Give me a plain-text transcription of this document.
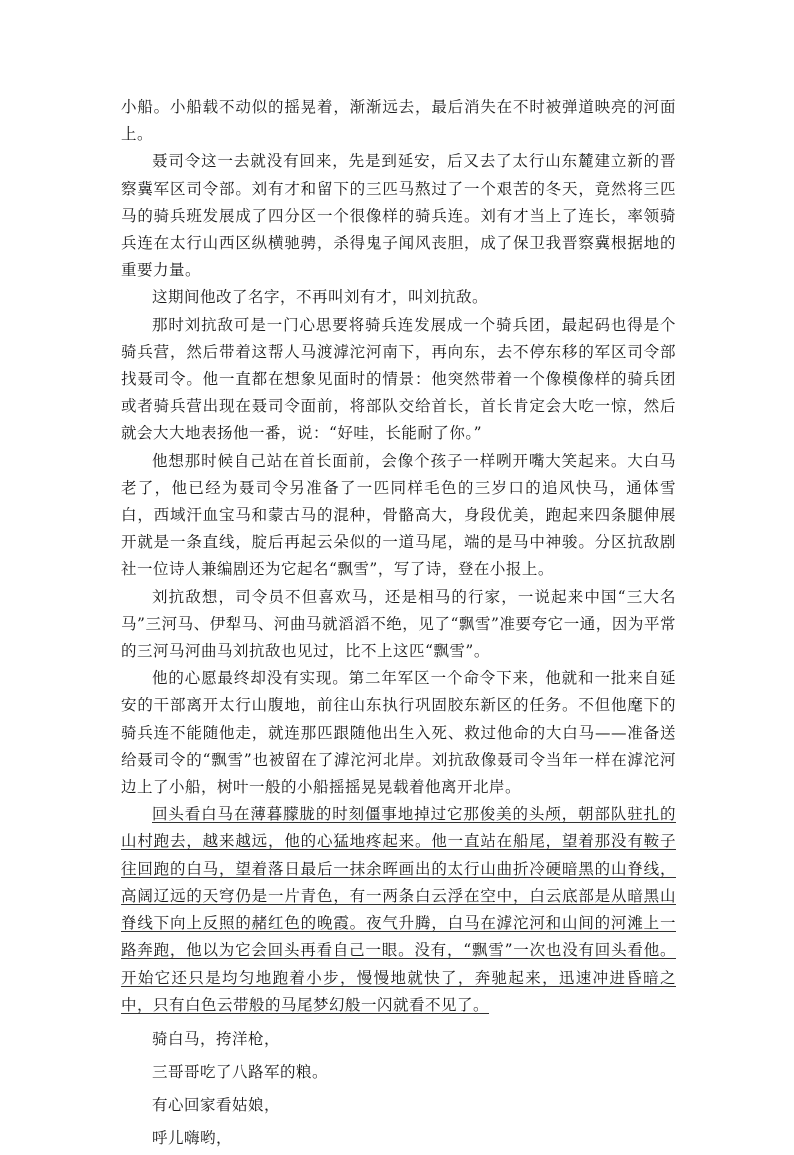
小船。小船载不动似的摇晃着，渐渐远去，最后消失在不时被弹道映亮的河面上。

聂司令这一去就没有回来，先是到延安，后又去了太行山东麓建立新的晋察冀军区司令部。刘有才和留下的三匹马熬过了一个艰苦的冬天，竟然将三匹马的骑兵班发展成了四分区一个很像样的骑兵连。刘有才当上了连长，率领骑兵连在太行山西区纵横驰骋，杀得鬼子闻风丧胆，成了保卫我晋察冀根据地的重要力量。

这期间他改了名字，不再叫刘有才，叫刘抗敌。

那时刘抗敌可是一门心思要将骑兵连发展成一个骑兵团，最起码也得是个骑兵营，然后带着这帮人马渡滹沱河南下，再向东，去不停东移的军区司令部找聂司令。他一直都在想象见面时的情景：他突然带着一个像模像样的骑兵团或者骑兵营出现在聂司令面前，将部队交给首长，首长肯定会大吃一惊，然后就会大大地表扬他一番，说：“好哇，长能耐了你。”

他想那时候自己站在首长面前，会像个孩子一样咧开嘴大笑起来。大白马老了，他已经为聂司令另准备了一匹同样毛色的三岁口的追风快马，通体雪白，西域汗血宝马和蒙古马的混种，骨骼高大，身段优美，跑起来四条腿伸展开就是一条直线，腚后再起云朵似的一道马尾，端的是马中神骏。分区抗敌剧社一位诗人兼编剧还为它起名“飘雪”，写了诗，登在小报上。

刘抗敌想，司令员不但喜欢马，还是相马的行家，一说起来中国“三大名马”三河马、伊犁马、河曲马就滔滔不绝，见了“飘雪”准要夸它一通，因为平常的三河马河曲马刘抗敌也见过，比不上这匹“飘雪”。

他的心愿最终却没有实现。第二年军区一个命令下来，他就和一批来自延安的干部离开太行山腹地，前往山东执行巩固胶东新区的任务。不但他麾下的骑兵连不能随他走，就连那匹跟随他出生入死、救过他命的大白马——准备送给聂司令的“飘雪”也被留在了滹沱河北岸。刘抗敌像聂司令当年一样在滹沱河边上了小船，树叶一般的小船摇摇晃晃载着他离开北岸。

回头看白马在薄暮朦胧的时刻僵事地掉过它那俊美的头颅，朝部队驻扎的山村跑去，越来越远，他的心猛地疼起来。他一直站在船尾，望着那没有鞍子往回跑的白马，望着落日最后一抹余晖画出的太行山曲折冷硬暗黑的山脊线，高阔辽远的天穹仍是一片青色，有一两条白云浮在空中，白云底部是从暗黑山脊线下向上反照的赭红色的晚霞。夜气升腾，白马在滹沱河和山间的河滩上一路奔跑，他以为它会回头再看自己一眼。没有，“飘雪”一次也没有回头看他。开始它还只是均匀地跑着小步，慢慢地就快了，奔驰起来，迅速冲进昏暗之中，只有白色云带般的马尾梦幻般一闪就看不见了。

骑白马，挎洋枪，
三哥哥吃了八路军的粮。
有心回家看姑娘，
呼儿嗨哟，
